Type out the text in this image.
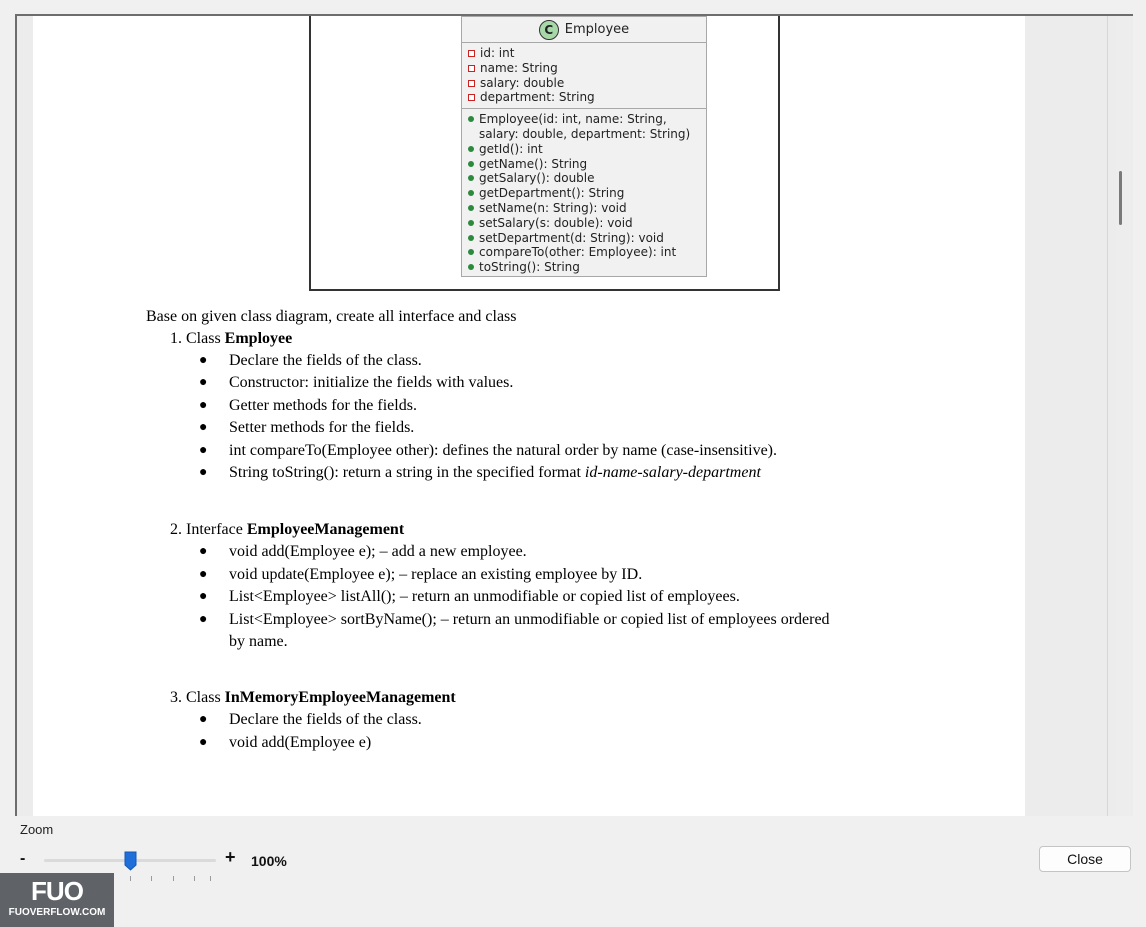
C Employee
id: int
name: String
salary: double
department: String
Employee(id: int, name: String,
salary: double, department: String)
getId(): int
getName(): String
getSalary(): double
getDepartment(): String
setName(n: String): void
setSalary(s: double): void
setDepartment(d: String): void
compareTo(other: Employee): int
toString(): String
Base on given class diagram, create all interface and class
1. Class Employee
● Declare the fields of the class.
● Constructor: initialize the fields with values.
● Getter methods for the fields.
● Setter methods for the fields.
● int compareTo(Employee other): defines the natural order by name (case-insensitive).
● String toString(): return a string in the specified format id-name-salary-department
2. Interface EmployeeManagement
● void add(Employee e); – add a new employee.
● void update(Employee e); – replace an existing employee by ID.
● List<Employee> listAll(); – return an unmodifiable or copied list of employees.
● List<Employee> sortByName(); – return an unmodifiable or copied list of employees ordered
by name.
3. Class InMemoryEmployeeManagement
● Declare the fields of the class.
● void add(Employee e)
Zoom
-	+ 100%	Close
FUO
FUOVERFLOW.COM
